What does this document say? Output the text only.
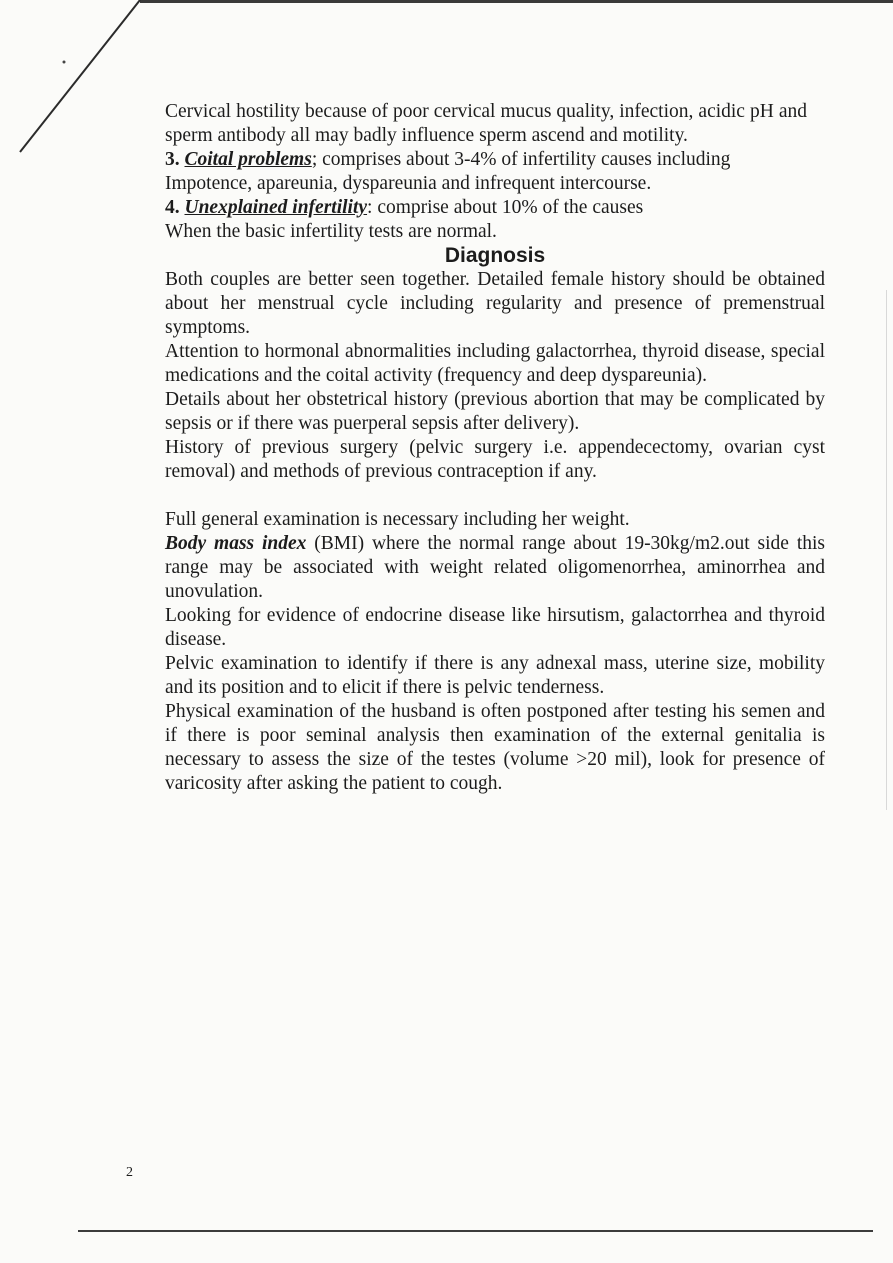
Cervical hostility because of poor cervical mucus quality, infection, acidic pH and sperm antibody all may badly influence sperm ascend and motility.

3. Coital problems; comprises about 3-4% of infertility causes including

Impotence, apareunia, dyspareunia and infrequent intercourse.

4. Unexplained infertility: comprise about 10% of the causes

When the basic infertility tests are normal.

Diagnosis

Both couples are better seen together. Detailed female history should be obtained about her menstrual cycle including regularity and presence of premenstrual symptoms.

Attention to hormonal abnormalities including galactorrhea, thyroid disease, special medications and the coital activity (frequency and deep dyspareunia).

Details about her obstetrical history (previous abortion that may be complicated by sepsis or if there was puerperal sepsis after delivery).

History of previous surgery (pelvic surgery i.e. appendecectomy, ovarian cyst removal) and methods of previous contraception if any.

Full general examination is necessary including her weight.

Body mass index (BMI) where the normal range about 19-30kg/m2.out side this range may be associated with weight related oligomenorrhea, aminorrhea and unovulation.

Looking for evidence of endocrine disease like hirsutism, galactorrhea and thyroid disease.

Pelvic examination to identify if there is any adnexal mass, uterine size, mobility and its position and to elicit if there is pelvic tenderness.

Physical examination of the husband is often postponed after testing his semen and if there is poor seminal analysis then examination of the external genitalia is necessary to assess the size of the testes (volume >20 mil), look for presence of varicosity after asking the patient to cough.

2
